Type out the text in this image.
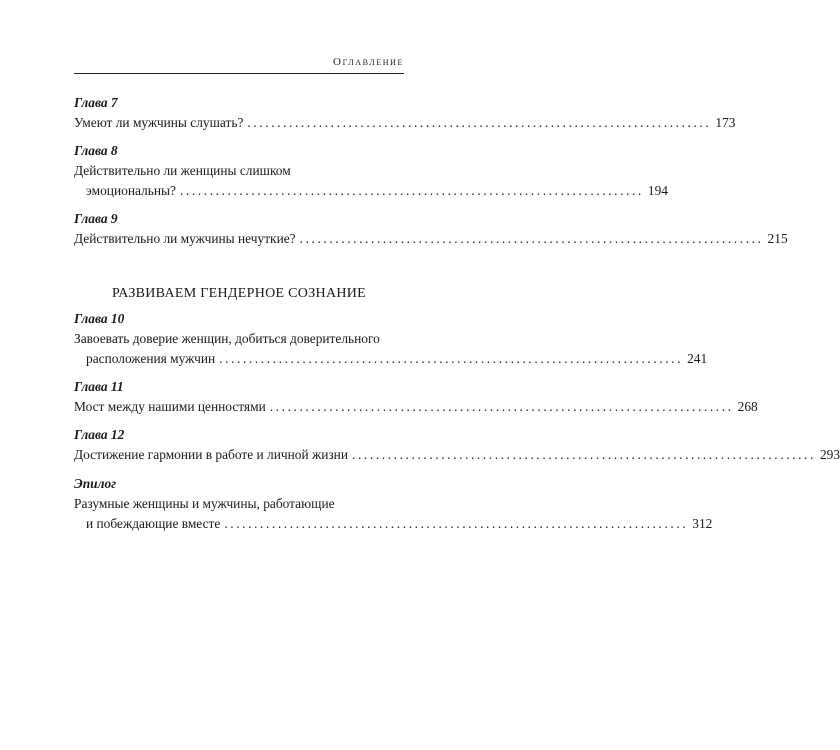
Оглавление
Глава 7
Умеют ли мужчины слушать? .............................................................................. 173
Глава 8
Действительно ли женщины слишком
эмоциональны? .............................................................................. 194
Глава 9
Действительно ли мужчины нечуткие? .............................................................................. 215
РАЗВИВАЕМ ГЕНДЕРНОЕ СОЗНАНИЕ
Глава 10
Завоевать доверие женщин, добиться доверительного
расположения мужчин .............................................................................. 241
Глава 11
Мост между нашими ценностями .............................................................................. 268
Глава 12
Достижение гармонии в работе и личной жизни .............................................................................. 293
Эпилог
Разумные женщины и мужчины, работающие
и побеждающие вместе .............................................................................. 312
